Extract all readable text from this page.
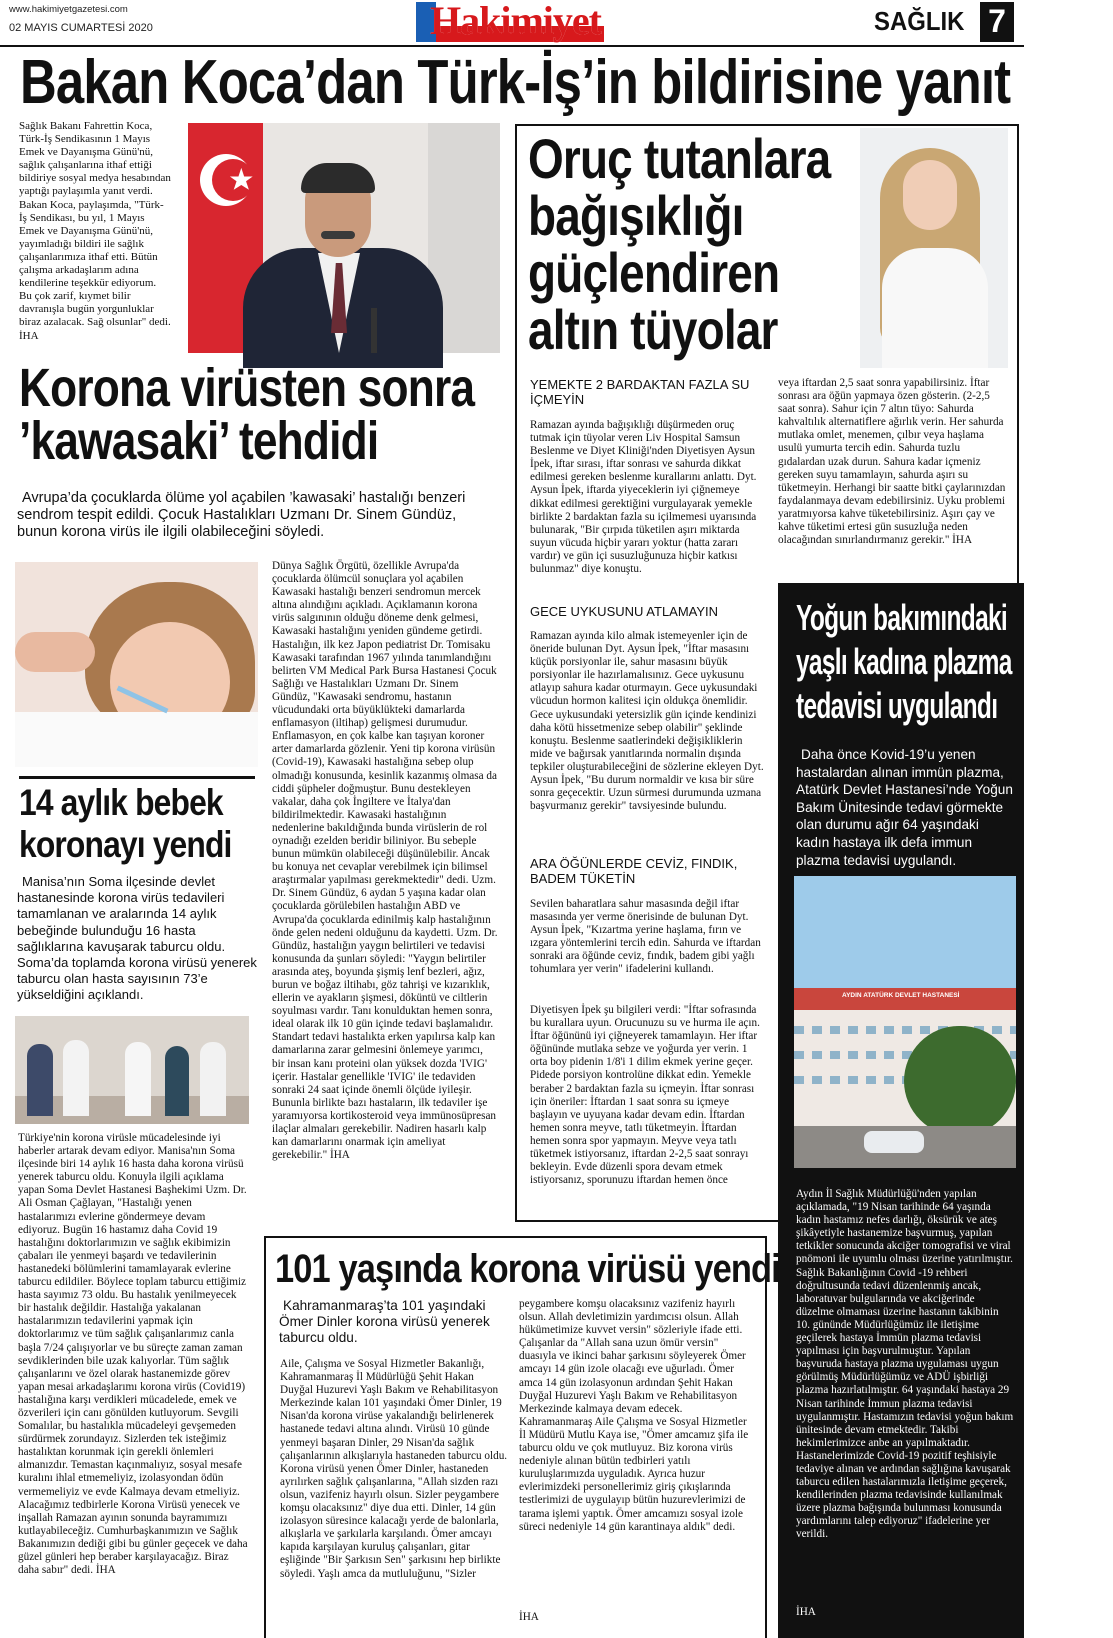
www.hakimiyetgazetesi.com
02 MAYIS CUMARTESİ 2020	Hakimiyet	SAĞLIK 7
Bakan Koca’dan Türk-İş’in bildirisine yanıt
Sağlık Bakanı Fahrettin Koca, Türk-İş Sendikasının 1 Mayıs Emek ve Dayanışma Günü'nü, sağlık çalışanlarına ithaf ettiği bildiriye sosyal medya hesabından yaptığı paylaşımla yanıt verdi. Bakan Koca, paylaşımda, "Türk-İş Sendikası, bu yıl, 1 Mayıs Emek ve Dayanışma Günü'nü, yayımladığı bildiri ile sağlık çalışanlarımıza ithaf etti. Bütün çalışma arkadaşlarım adına kendilerine teşekkür ediyorum. Bu çok zarif, kıymet bilir davranışla bugün yorgunluklar biraz azalacak. Sağ olsunlar" dedi. İHA
Korona virüsten sonra
’kawasaki’ tehdidi
Avrupa’da çocuklarda ölüme yol açabilen ’kawasaki’ hastalığı benzeri sendrom tespit edildi. Çocuk Hastalıkları Uzmanı Dr. Sinem Gündüz, bunun korona virüs ile ilgili olabileceğini söyledi.
Dünya Sağlık Örgütü, özellikle Avrupa'da çocuklarda ölümcül sonuçlara yol açabilen Kawasaki hastalığı benzeri sendromun mercek altına alındığını açıkladı. Açıklamanın korona virüs salgınının olduğu döneme denk gelmesi, Kawasaki hastalığını yeniden gündeme getirdi. Hastalığın, ilk kez Japon pediatrist Dr. Tomisaku Kawasaki tarafından 1967 yılında tanımlandığını belirten VM Medical Park Bursa Hastanesi Çocuk Sağlığı ve Hastalıkları Uzmanı Dr. Sinem Gündüz, "Kawasaki sendromu, hastanın vücudundaki orta büyüklükteki damarlarda enflamasyon (iltihap) gelişmesi durumudur. Enflamasyon, en çok kalbe kan taşıyan koroner arter damarlarda gözlenir. Yeni tip korona virüsün (Covid-19), Kawasaki hastalığına sebep olup olmadığı konusunda, kesinlik kazanmış olmasa da ciddi şüpheler doğmuştur. Bunu destekleyen vakalar, daha çok İngiltere ve İtalya'dan bildirilmektedir. Kawasaki hastalığının nedenlerine bakıldığında bunda virüslerin de rol oynadığı ezelden beridir biliniyor. Bu sebeple bunun mümkün olabileceği düşünülebilir. Ancak bu konuya net cevaplar verebilmek için bilimsel araştırmalar yapılması gerekmektedir" dedi. Uzm. Dr. Sinem Gündüz, 6 aydan 5 yaşına kadar olan çocuklarda görülebilen hastalığın ABD ve Avrupa'da çocuklarda edinilmiş kalp hastalığının önde gelen nedeni olduğunu da kaydetti. Uzm. Dr. Gündüz, hastalığın yaygın belirtileri ve tedavisi konusunda da şunları söyledi: "Yaygın belirtiler arasında ateş, boyunda şişmiş lenf bezleri, ağız, burun ve boğaz iltihabı, göz tahrişi ve kızarıklık, ellerin ve ayakların şişmesi, döküntü ve ciltlerin soyulması vardır. Tanı konulduktan hemen sonra, ideal olarak ilk 10 gün içinde tedavi başlamalıdır. Standart tedavi hastalıkta erken yapılırsa kalp kan damarlarına zarar gelmesini önlemeye yarımcı, bir insan kanı proteini olan yüksek dozda 'IVIG' içerir. Hastalar genellikle 'IVIG' ile tedaviden sonraki 24 saat içinde önemli ölçüde iyileşir. Bununla birlikte bazı hastaların, ilk tedaviler işe yaramıyorsa kortikosteroid veya immünosüpresan ilaçlar almaları gerekebilir. Nadiren hasarlı kalp kan damarlarını onarmak için ameliyat gerekebilir." İHA
14 aylık bebek
koronayı yendi
Manisa’nın Soma ilçesinde devlet hastanesinde korona virüs tedavileri tamamlanan ve aralarında 14 aylık bebeğinde bulunduğu 16 hasta sağlıklarına kavuşarak taburcu oldu. Soma’da toplamda korona virüsü yenerek taburcu olan hasta sayısının 73’e yükseldiğini açıklandı.
Türkiye'nin korona virüsle mücadelesinde iyi haberler artarak devam ediyor. Manisa'nın Soma ilçesinde biri 14 aylık 16 hasta daha korona virüsü yenerek taburcu oldu. Konuyla ilgili açıklama yapan Soma Devlet Hastanesi Başhekimi Uzm. Dr. Ali Osman Çağlayan, "Hastalığı yenen hastalarımızı evlerine göndermeye devam ediyoruz. Bugün 16 hastamız daha Covid 19 hastalığını doktorlarımızın ve sağlık ekibimizin çabaları ile yenmeyi başardı ve tedavilerinin hastanedeki bölümlerini tamamlayarak evlerine taburcu edildiler. Böylece toplam taburcu ettiğimiz hasta sayımız 73 oldu. Bu hastalık yenilmeyecek bir hastalık değildir. Hastalığa yakalanan hastalarımızın tedavilerini yapmak için doktorlarımız ve tüm sağlık çalışanlarımız canla başla 7/24 çalışıyorlar ve bu süreçte zaman zaman sevdiklerinden bile uzak kalıyorlar. Tüm sağlık çalışanlarını ve özel olarak hastanemizde görev yapan mesai arkadaşlarımı korona virüs (Covid19) hastalığına karşı verdikleri mücadelede, emek ve özverileri için canı gönülden kutluyorum. Sevgili Somalılar, bu hastalıkla mücadeleyi gevşemeden sürdürmek zorundayız. Sizlerden tek isteğimiz hastalıktan korunmak için gerekli önlemleri almanızdır. Temastan kaçınmalıyız, sosyal mesafe kuralını ihlal etmemeliyiz, izolasyondan ödün vermemeliyiz ve evde Kalmaya devam etmeliyiz. Alacağımız tedbirlerle Korona Virüsü yenecek ve inşallah Ramazan ayının sonunda bayramımızı kutlayabileceğiz. Cumhurbaşkanımızın ve Sağlık Bakanımızın dediği gibi bu günler geçecek ve daha güzel günleri hep beraber karşılayacağız. Biraz daha sabır" dedi. İHA
Oruç tutanlara
bağışıklığı
güçlendiren
altın tüyolar
YEMEKTE 2 BARDAKTAN FAZLA SU İÇMEYİN
Ramazan ayında bağışıklığı düşürmeden oruç tutmak için tüyolar veren Liv Hospital Samsun Beslenme ve Diyet Kliniği'nden Diyetisyen Aysun İpek, iftar sırası, iftar sonrası ve sahurda dikkat edilmesi gereken beslenme kurallarını anlattı. Dyt. Aysun İpek, iftarda yiyeceklerin iyi çiğnemeye dikkat edilmesi gerektiğini vurgulayarak yemekle birlikte 2 bardaktan fazla su içilmemesi uyarısında bulunarak, "Bir çırpıda tüketilen aşırı miktarda suyun vücuda hiçbir yararı yoktur (hatta zararı vardır) ve gün içi susuzluğunuza hiçbir katkısı bulunmaz" diye konuştu.
GECE UYKUSUNU ATLAMAYIN
Ramazan ayında kilo almak istemeyenler için de öneride bulunan Dyt. Aysun İpek, "İftar masasını küçük porsiyonlar ile, sahur masasını büyük porsiyonlar ile hazırlamalısınız. Gece uykusunu atlayıp sahura kadar oturmayın. Gece uykusundaki vücudun hormon kalitesi için oldukça önemlidir. Gece uykusundaki yetersizlik gün içinde kendinizi daha kötü hissetmenize sebep olabilir" şeklinde konuştu. Beslenme saatlerindeki değişikliklerin mide ve bağırsak yanıtlarında normalin dışında tepkiler oluşturabileceğini de sözlerine ekleyen Dyt. Aysun İpek, "Bu durum normaldir ve kısa bir süre sonra geçecektir. Uzun sürmesi durumunda uzmana başvurmanız gerekir" tavsiyesinde bulundu.
ARA ÖĞÜNLERDE CEVİZ, FINDIK, BADEM TÜKETİN
Sevilen baharatlara sahur masasında değil iftar masasında yer verme önerisinde de bulunan Dyt. Aysun İpek, "Kızartma yerine haşlama, fırın ve ızgara yöntemlerini tercih edin. Sahurda ve iftardan sonraki ara öğünde ceviz, fındık, badem gibi yağlı tohumlara yer verin" ifadelerini kullandı.
Diyetisyen İpek şu bilgileri verdi: "İftar sofrasında bu kurallara uyun. Orucunuzu su ve hurma ile açın. İftar öğününü iyi çiğneyerek tamamlayın. Her iftar öğününde mutlaka sebze ve yoğurda yer verin. 1 orta boy pidenin 1/8'i 1 dilim ekmek yerine geçer. Pidede porsiyon kontrolüne dikkat edin. Yemekle beraber 2 bardaktan fazla su içmeyin. İftar sonrası için öneriler: İftardan 1 saat sonra su içmeye başlayın ve uyuyana kadar devam edin. İftardan hemen sonra meyve, tatlı tüketmeyin. İftardan hemen sonra spor yapmayın. Meyve veya tatlı tüketmek istiyorsanız, iftardan 2-2,5 saat sonrayı bekleyin. Evde düzenli spora devam etmek istiyorsanız, sporunuzu iftardan hemen önce
veya iftardan 2,5 saat sonra yapabilirsiniz. İftar sonrası ara öğün yapmaya özen gösterin. (2-2,5 saat sonra). Sahur için 7 altın tüyo: Sahurda kahvaltılık alternatiflere ağırlık verin. Her sahurda mutlaka omlet, menemen, çılbır veya haşlama usulü yumurta tercih edin. Sahurda tuzlu gıdalardan uzak durun. Sahura kadar içmeniz gereken suyu tamamlayın, sahurda aşırı su tüketmeyin. Herhangi bir saatte bitki çaylarınızdan faydalanmaya devam edebilirsiniz. Uyku problemi yaratmıyorsa kahve tüketebilirsiniz. Aşırı çay ve kahve tüketimi ertesi gün susuzluğa neden olacağından sınırlandırmanız gerekir." İHA
Yoğun bakımındaki
yaşlı kadına plazma
tedavisi uygulandı
Daha önce Kovid-19’u yenen hastalardan alınan immün plazma, Atatürk Devlet Hastanesi’nde Yoğun Bakım Ünitesinde tedavi görmekte olan durumu ağır 64 yaşındaki kadın hastaya ilk defa immun plazma tedavisi uygulandı.
AYDIN ATATÜRK DEVLET HASTANESİ
Aydın İl Sağlık Müdürlüğü'nden yapılan açıklamada, "19 Nisan tarihinde 64 yaşında kadın hastamız nefes darlığı, öksürük ve ateş şikâyetiyle hastanemize başvurmuş, yapılan tetkikler sonucunda akciğer tomografisi ve viral pnömoni ile uyumlu olması üzerine yatırılmıştır. Sağlık Bakanlığının Covid -19 rehberi doğrultusunda tedavi düzenlenmiş ancak, laboratuvar bulgularında ve akciğerinde düzelme olmaması üzerine hastanın takibinin 10. gününde Müdürlüğümüz ile iletişime geçilerek hastaya İmmün plazma tedavisi yapılması için başvurulmuştur. Yapılan başvuruda hastaya plazma uygulaması uygun görülmüş Müdürlüğümüz ve ADÜ işbirliği plazma hazırlatılmıştır. 64 yaşındaki hastaya 29 Nisan tarihinde İmmun plazma tedavisi uygulanmıştır. Hastamızın tedavisi yoğun bakım ünitesinde devam etmektedir. Takibi hekimlerimizce anbe an yapılmaktadır. Hastanelerimizde Covid-19 pozitif teşhisiyle tedaviye alınan ve ardından sağlığına kavuşarak taburcu edilen hastalarımızla iletişime geçerek, kendilerinden plazma tedavisinde kullanılmak üzere plazma bağışında bulunması konusunda yardımlarını talep ediyoruz" ifadelerine yer verildi.
İHA
101 yaşında korona virüsü yendi
Kahramanmaraş’ta 101 yaşındaki Ömer Dinler korona virüsü yenerek taburcu oldu.
Aile, Çalışma ve Sosyal Hizmetler Bakanlığı, Kahramanmaraş İl Müdürlüğü Şehit Hakan Duyğal Huzurevi Yaşlı Bakım ve Rehabilitasyon Merkezinde kalan 101 yaşındaki Ömer Dinler, 19 Nisan'da korona virüse yakalandığı belirlenerek hastanede tedavi altına alındı. Virüsü 10 günde yenmeyi başaran Dinler, 29 Nisan'da sağlık çalışanlarının alkışlarıyla hastaneden taburcu oldu. Korona virüsü yenen Ömer Dinler, hastaneden ayrılırken sağlık çalışanlarına, "Allah sizden razı olsun, vazifeniz hayırlı olsun. Sizler peygambere komşu olacaksınız" diye dua etti. Dinler, 14 gün izolasyon süresince kalacağı yerde de balonlarla, alkışlarla ve şarkılarla karşılandı. Ömer amcayı kapıda karşılayan kuruluş çalışanları, gitar eşliğinde "Bir Şarkısın Sen" şarkısını hep birlikte söyledi. Yaşlı amca da mutluluğunu, "Sizler
peygambere komşu olacaksınız vazifeniz hayırlı olsun. Allah devletimizin yardımcısı olsun. Allah hükümetimize kuvvet versin" sözleriyle ifade etti. Çalışanlar da "Allah sana uzun ömür versin" duasıyla ve ikinci bahar şarkısını söyleyerek Ömer amcayı 14 gün izole olacağı eve uğurladı. Ömer amca 14 gün izolasyonun ardından Şehit Hakan Duyğal Huzurevi Yaşlı Bakım ve Rehabilitasyon Merkezinde kalmaya devam edecek. Kahramanmaraş Aile Çalışma ve Sosyal Hizmetler İl Müdürü Mutlu Kaya ise, "Ömer amcamız şifa ile taburcu oldu ve çok mutluyuz. Biz korona virüs nedeniyle alınan bütün tedbirleri yatılı kuruluşlarımızda uyguladık. Ayrıca huzur evlerimizdeki personellerimiz giriş çıkışlarında testlerimizi de uygulayıp bütün huzurevlerimizi de tarama işlemi yaptık. Ömer amcamızı sosyal izole süreci nedeniyle 14 gün karantinaya aldık" dedi.
İHA
